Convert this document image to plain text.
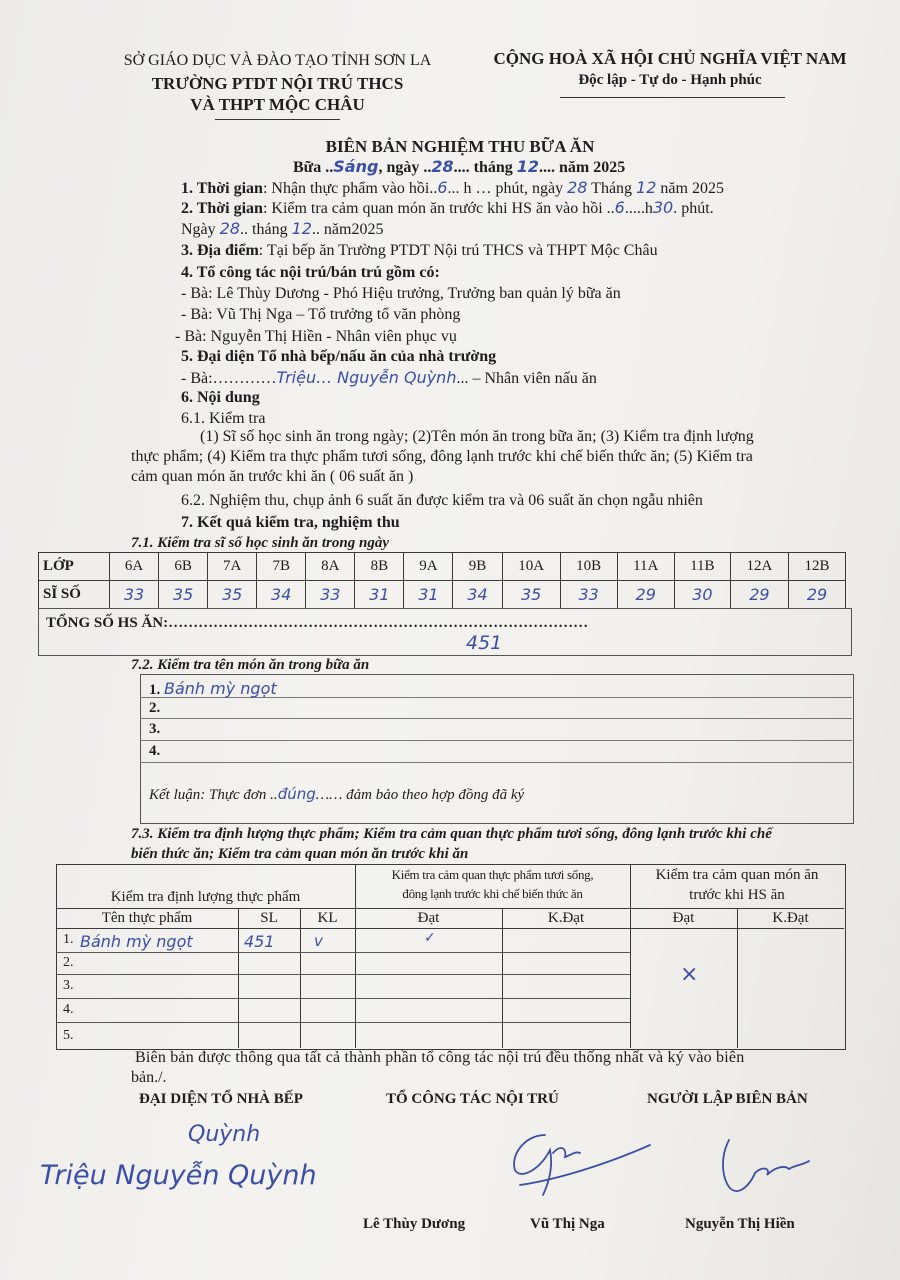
SỞ GIÁO DỤC VÀ ĐÀO TẠO TỈNH SƠN LA
TRƯỜNG PTDT NỘI TRÚ THCS
VÀ THPT MỘC CHÂU
CỘNG HOÀ XÃ HỘI CHỦ NGHĨA VIỆT NAM
Độc lập - Tự do - Hạnh phúc
BIÊN BẢN NGHIỆM THU BỮA ĂN
Bữa ..Sáng, ngày ..28.... tháng 12.... năm 2025
1. Thời gian: Nhận thực phẩm vào hồi..6... h … phút, ngày 28 Tháng 12 năm 2025
2. Thời gian: Kiểm tra cảm quan món ăn trước khi HS ăn vào hồi ..6.....h30. phút.
Ngày 28.. tháng 12.. năm2025
3. Địa điểm: Tại bếp ăn Trường PTDT Nội trú THCS và THPT Mộc Châu
4. Tổ công tác nội trú/bán trú gồm có:
- Bà: Lê Thùy Dương - Phó Hiệu trưởng, Trưởng ban quản lý bữa ăn
- Bà: Vũ Thị Nga – Tổ trưởng tổ văn phòng
- Bà: Nguyễn Thị Hiền - Nhân viên phục vụ
5. Đại diện Tổ nhà bếp/nấu ăn của nhà trường
- Bà:…………Triệu… Nguyễn Quỳnh... – Nhân viên nấu ăn
6. Nội dung
6.1. Kiểm tra
(1) Sĩ số học sinh ăn trong ngày; (2)Tên món ăn trong bữa ăn; (3) Kiểm tra định lượng
thực phẩm; (4) Kiểm tra thực phẩm tươi sống, đông lạnh trước khi chế biến thức ăn; (5) Kiểm tra
cảm quan món ăn trước khi ăn ( 06 suất ăn )
6.2. Nghiệm thu, chụp ảnh 6 suất ăn được kiểm tra và 06 suất ăn chọn ngẫu nhiên
7. Kết quả kiểm tra, nghiệm thu
7.1. Kiểm tra sĩ số học sinh ăn trong ngày
LỚP	6A	6B	7A	7B	8A	8B	9A	9B	10A	10B	11A	11B	12A	12B
SĨ SỐ	33	35	35	34	33	31	31	34	35	33	29	30	29	29
TỔNG SỐ HS ĂN:…………………………………………………………………………
451
7.2. Kiểm tra tên món ăn trong bữa ăn
1. Bánh mỳ ngọt
2.
3.
4.
Kết luận: Thực đơn ..đúng…… đảm bảo theo hợp đồng đã ký
7.3. Kiểm tra định lượng thực phẩm; Kiểm tra cảm quan thực phẩm tươi sống, đông lạnh trước khi chế
biến thức ăn; Kiểm tra cảm quan món ăn trước khi ăn
Kiểm tra định lượng thực phẩm
Kiểm tra cảm quan thực phẩm tươi sống,
đông lạnh trước khi chế biến thức ăn
Kiểm tra cảm quan món ăn
trước khi HS ăn
Tên thực phẩm	SL	KL	Đạt	K.Đạt	Đạt	K.Đạt
1. Bánh mỳ ngọt	451	v	✓
2.
3.
4.
5.
×
Biên bản được thông qua tất cả thành phần tổ công tác nội trú đều thống nhất và ký vào biên
bản./.
ĐẠI DIỆN TỔ NHÀ BẾP	TỔ CÔNG TÁC NỘI TRÚ	NGƯỜI LẬP BIÊN BẢN
Quỳnh
Triệu Nguyễn Quỳnh
Lê Thùy Dương	Vũ Thị Nga	Nguyễn Thị Hiền
